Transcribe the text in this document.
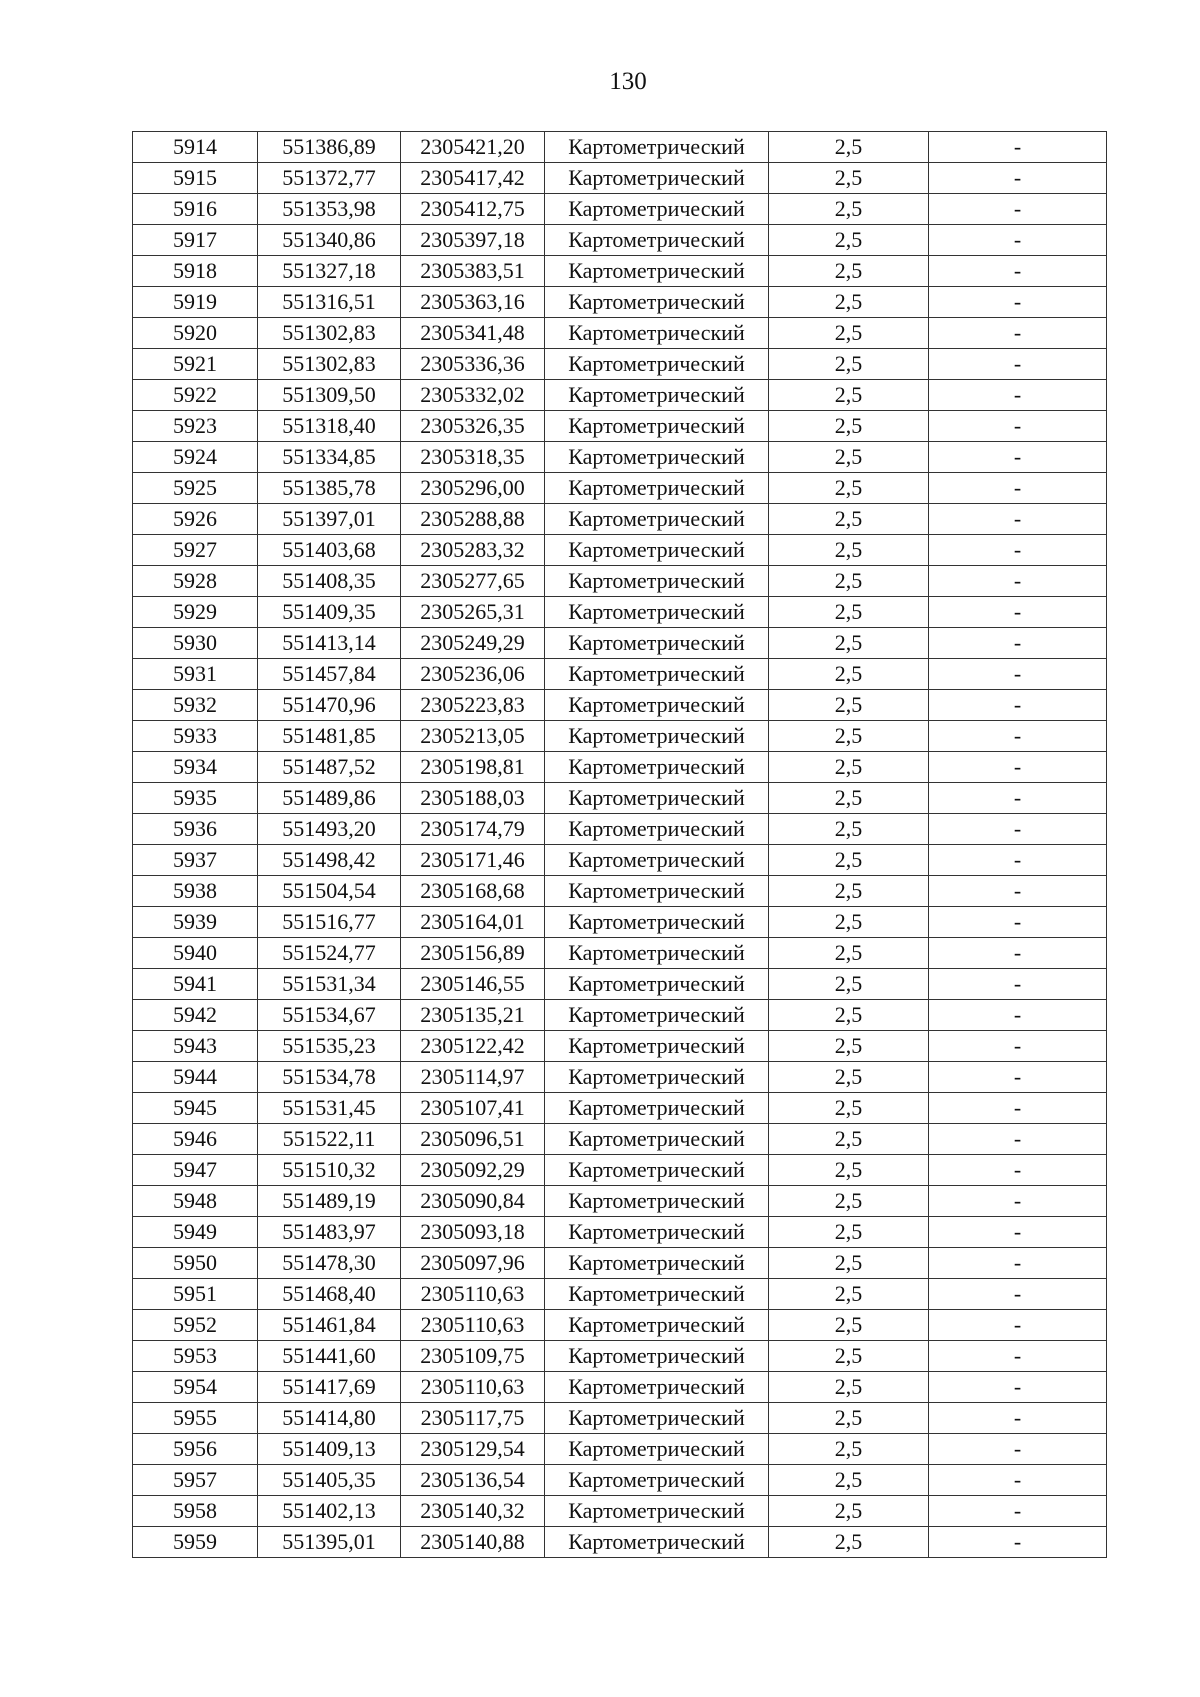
130
5914	551386,89	2305421,20	Картометрический	2,5	-
5915	551372,77	2305417,42	Картометрический	2,5	-
5916	551353,98	2305412,75	Картометрический	2,5	-
5917	551340,86	2305397,18	Картометрический	2,5	-
5918	551327,18	2305383,51	Картометрический	2,5	-
5919	551316,51	2305363,16	Картометрический	2,5	-
5920	551302,83	2305341,48	Картометрический	2,5	-
5921	551302,83	2305336,36	Картометрический	2,5	-
5922	551309,50	2305332,02	Картометрический	2,5	-
5923	551318,40	2305326,35	Картометрический	2,5	-
5924	551334,85	2305318,35	Картометрический	2,5	-
5925	551385,78	2305296,00	Картометрический	2,5	-
5926	551397,01	2305288,88	Картометрический	2,5	-
5927	551403,68	2305283,32	Картометрический	2,5	-
5928	551408,35	2305277,65	Картометрический	2,5	-
5929	551409,35	2305265,31	Картометрический	2,5	-
5930	551413,14	2305249,29	Картометрический	2,5	-
5931	551457,84	2305236,06	Картометрический	2,5	-
5932	551470,96	2305223,83	Картометрический	2,5	-
5933	551481,85	2305213,05	Картометрический	2,5	-
5934	551487,52	2305198,81	Картометрический	2,5	-
5935	551489,86	2305188,03	Картометрический	2,5	-
5936	551493,20	2305174,79	Картометрический	2,5	-
5937	551498,42	2305171,46	Картометрический	2,5	-
5938	551504,54	2305168,68	Картометрический	2,5	-
5939	551516,77	2305164,01	Картометрический	2,5	-
5940	551524,77	2305156,89	Картометрический	2,5	-
5941	551531,34	2305146,55	Картометрический	2,5	-
5942	551534,67	2305135,21	Картометрический	2,5	-
5943	551535,23	2305122,42	Картометрический	2,5	-
5944	551534,78	2305114,97	Картометрический	2,5	-
5945	551531,45	2305107,41	Картометрический	2,5	-
5946	551522,11	2305096,51	Картометрический	2,5	-
5947	551510,32	2305092,29	Картометрический	2,5	-
5948	551489,19	2305090,84	Картометрический	2,5	-
5949	551483,97	2305093,18	Картометрический	2,5	-
5950	551478,30	2305097,96	Картометрический	2,5	-
5951	551468,40	2305110,63	Картометрический	2,5	-
5952	551461,84	2305110,63	Картометрический	2,5	-
5953	551441,60	2305109,75	Картометрический	2,5	-
5954	551417,69	2305110,63	Картометрический	2,5	-
5955	551414,80	2305117,75	Картометрический	2,5	-
5956	551409,13	2305129,54	Картометрический	2,5	-
5957	551405,35	2305136,54	Картометрический	2,5	-
5958	551402,13	2305140,32	Картометрический	2,5	-
5959	551395,01	2305140,88	Картометрический	2,5	-
